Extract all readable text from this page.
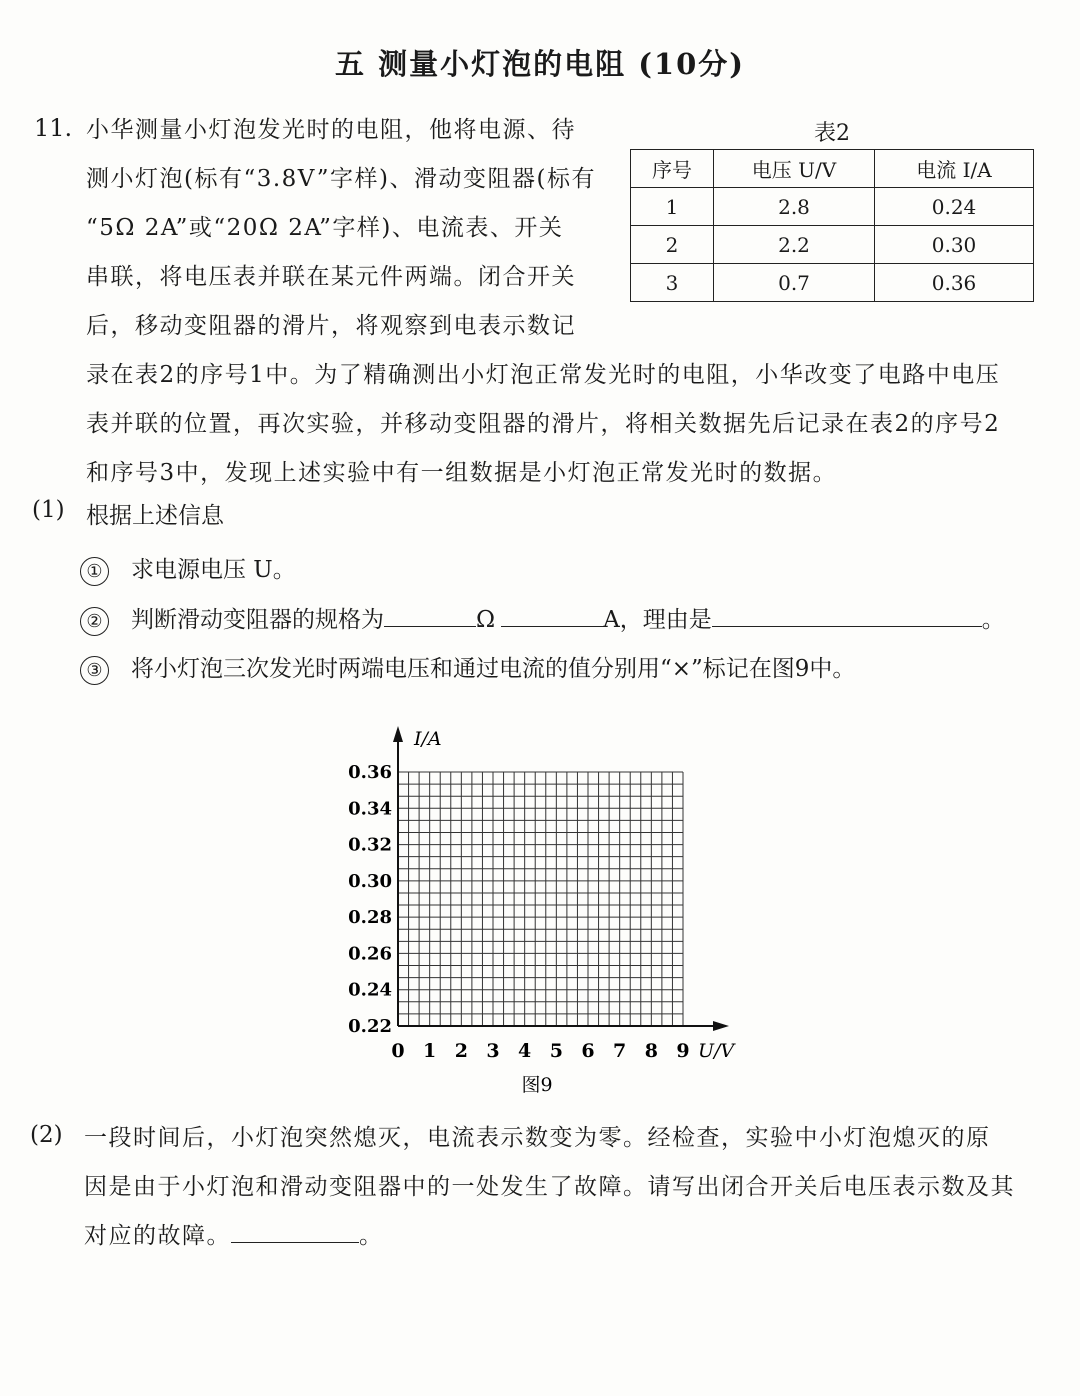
五 测量小灯泡的电阻 (10分)
11. 小华测量小灯泡发光时的电阻，他将电源、待
测小灯泡(标有“3.8V”字样)、滑动变阻器(标有
“5Ω 2A”或“20Ω 2A”字样)、电流表、开关
串联，将电压表并联在某元件两端。闭合开关
后，移动变阻器的滑片，将观察到电表示数记
表2
序号	电压 U/V	电流 I/A
1	2.8	0.24
2	2.2	0.30
3	0.7	0.36
录在表2的序号1中。为了精确测出小灯泡正常发光时的电阻，小华改变了电路中电压
表并联的位置，再次实验，并移动变阻器的滑片，将相关数据先后记录在表2的序号2
和序号3中，发现上述实验中有一组数据是小灯泡正常发光时的数据。
(1) 根据上述信息
① 求电源电压 U。
② 判断滑动变阻器的规格为	Ω	A，理由是	。
③ 将小灯泡三次发光时两端电压和通过电流的值分别用“×”标记在图9中。
0 1 2 3 4 5 6 7 8 9
0.22
0.24
0.26
0.28
0.30
0.32
0.34
0.36
I/A
U/V
图9
(2) 一段时间后，小灯泡突然熄灭，电流表示数变为零。经检查，实验中小灯泡熄灭的原
因是由于小灯泡和滑动变阻器中的一处发生了故障。请写出闭合开关后电压表示数及其
对应的故障。	。
